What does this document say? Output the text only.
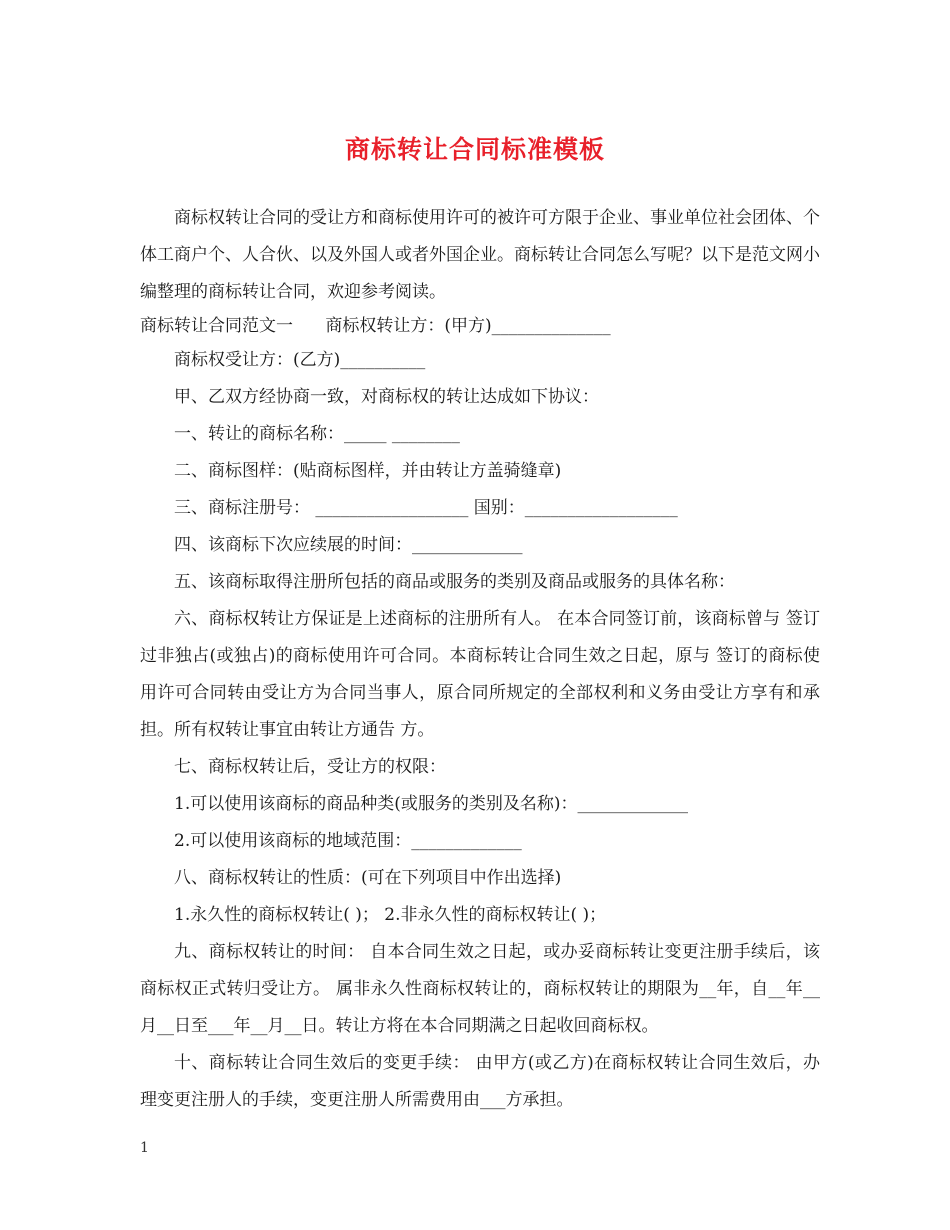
商标转让合同标准模板

商标权转让合同的受让方和商标使用许可的被许可方限于企业、事业单位社会团体、个体工商户个、人合伙、以及外国人或者外国企业。商标转让合同怎么写呢？以下是范文网小编整理的商标转让合同，欢迎参考阅读。

商标转让合同范文一      商标权转让方：(甲方)______________

商标权受让方：(乙方)__________

甲、乙双方经协商一致，对商标权的转让达成如下协议：

一、转让的商标名称：_____ ________

二、商标图样：(贴商标图样，并由转让方盖骑缝章)

三、商标注册号： __________________ 国别：__________________

四、该商标下次应续展的时间：_____________

五、该商标取得注册所包括的商品或服务的类别及商品或服务的具体名称：

六、商标权转让方保证是上述商标的注册所有人。 在本合同签订前，该商标曾与 签订过非独占(或独占)的商标使用许可合同。本商标转让合同生效之日起，原与 签订的商标使用许可合同转由受让方为合同当事人，原合同所规定的全部权利和义务由受让方享有和承担。所有权转让事宜由转让方通告 方。

七、商标权转让后，受让方的权限：

1.可以使用该商标的商品种类(或服务的类别及名称)：_____________

2.可以使用该商标的地域范围：_____________

八、商标权转让的性质：(可在下列项目中作出选择)

1.永久性的商标权转让( )； 2.非永久性的商标权转让( )；

九、商标权转让的时间： 自本合同生效之日起，或办妥商标转让变更注册手续后，该商标权正式转归受让方。 属非永久性商标权转让的，商标权转让的期限为__年，自__年__月__日至___年__月__日。转让方将在本合同期满之日起收回商标权。

十、商标转让合同生效后的变更手续： 由甲方(或乙方)在商标权转让合同生效后，办理变更注册人的手续，变更注册人所需费用由___方承担。

1
